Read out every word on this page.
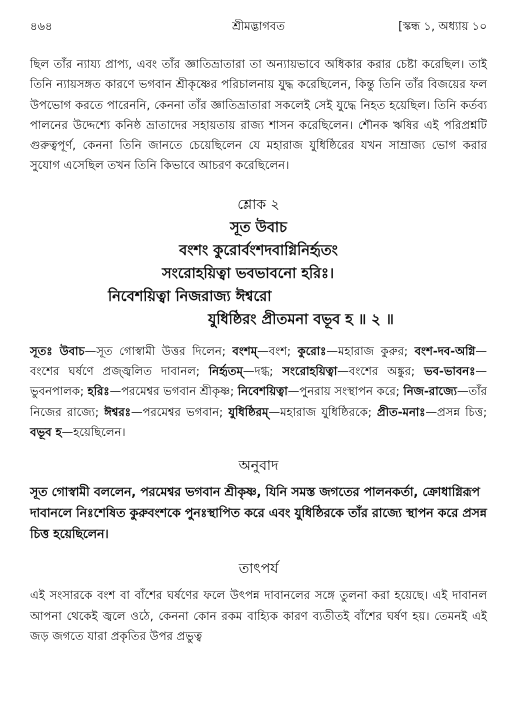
৪৬৪	শ্রীমদ্ভাগবত	[স্কন্ধ ১, অধ্যায় ১০

ছিল তাঁর ন্যায্য প্রাপ্য, এবং তাঁর জ্ঞাতিভ্রাতারা তা অন্যায়ভাবে অধিকার করার চেষ্টা করেছিল। তাই তিনি ন্যায়সঙ্গত কারণে ভগবান শ্রীকৃষ্ণের পরিচালনায় যুদ্ধ করেছিলেন, কিন্তু তিনি তাঁর বিজয়ের ফল উপভোগ করতে পারেননি, কেননা তাঁর জ্ঞাতিভ্রাতারা সকলেই সেই যুদ্ধে নিহত হয়েছিল। তিনি কর্তব্য পালনের উদ্দেশ্যে কনিষ্ঠ ভ্রাতাদের সহায়তায় রাজ্য শাসন করেছিলেন। শৌনক ঋষির এই পরিপ্রশ্নটি গুরুত্বপূর্ণ, কেননা তিনি জানতে চেয়েছিলেন যে মহারাজ যুধিষ্ঠিরের যখন সাম্রাজ্য ভোগ করার সুযোগ এসেছিল তখন তিনি কিভাবে আচরণ করেছিলেন।

শ্লোক ২
সূত উবাচ
বংশং কুরোর্বংশদবাগ্নিনির্হৃতং
সংরোহয়িত্বা ভবভাবনো হরিঃ।
নিবেশয়িত্বা নিজরাজ্য ঈশ্বরো
যুধিষ্ঠিরং প্রীতমনা বভূব হ ॥ ২ ॥
সূতঃ উবাচ—সূত গোস্বামী উত্তর দিলেন; বংশম্—বংশ; কুরোঃ—মহারাজ কুরুর; বংশ-দব-অগ্নি—বংশের ঘর্ষণে প্রজ্জ্বলিত দাবানল; নির্হৃতম্—দগ্ধ; সংরোহয়িত্বা—বংশের অঙ্কুর; ভব-ভাবনঃ—ভুবনপালক; হরিঃ—পরমেশ্বর ভগবান শ্রীকৃষ্ণ; নিবেশয়িত্বা—পুনরায় সংস্থাপন করে; নিজ-রাজ্যে—তাঁর নিজের রাজ্যে; ঈশ্বরঃ—পরমেশ্বর ভগবান; যুধিষ্ঠিরম্—মহারাজ যুধিষ্ঠিরকে; প্রীত-মনাঃ—প্রসন্ন চিত্ত; বভূব হ—হয়েছিলেন।
অনুবাদ

সূত গোস্বামী বললেন, পরমেশ্বর ভগবান শ্রীকৃষ্ণ, যিনি সমস্ত জগতের পালনকর্তা, ক্রোধাগ্নিরূপ দাবানলে নিঃশেষিত কুরুবংশকে পুনঃস্থাপিত করে এবং যুধিষ্ঠিরকে তাঁর রাজ্যে স্থাপন করে প্রসন্ন চিত্ত হয়েছিলেন।

তাৎপর্য

এই সংসারকে বংশ বা বাঁশের ঘর্ষণের ফলে উৎপন্ন দাবানলের সঙ্গে তুলনা করা হয়েছে। এই দাবানল আপনা থেকেই জ্বলে ওঠে, কেননা কোন রকম বাহ্যিক কারণ ব্যতীতই বাঁশের ঘর্ষণ হয়। তেমনই এই জড় জগতে যারা প্রকৃতির উপর প্রভুত্ব
